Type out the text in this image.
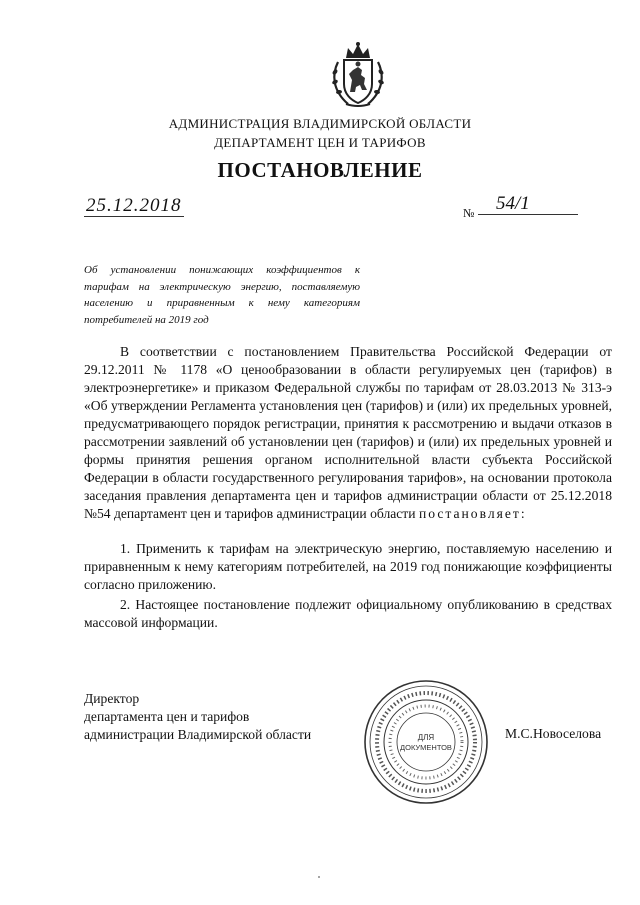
АДМИНИСТРАЦИЯ ВЛАДИМИРСКОЙ ОБЛАСТИ
ДЕПАРТАМЕНТ ЦЕН И ТАРИФОВ
ПОСТАНОВЛЕНИЕ
25.12.2018	№	54/1
Об установлении понижающих коэффициентов к тарифам на электрическую энергию, поставляемую населению и приравненным к нему категориям потребителей на 2019 год
В соответствии с постановлением Правительства Российской Федерации от 29.12.2011 № 1178 «О ценообразовании в области регулируемых цен (тарифов) в электроэнергетике» и приказом Федеральной службы по тарифам от 28.03.2013 № 313-э «Об утверждении Регламента установления цен (тарифов) и (или) их предельных уровней, предусматривающего порядок регистрации, принятия к рассмотрению и выдачи отказов в рассмотрении заявлений об установлении цен (тарифов) и (или) их предельных уровней и формы принятия решения органом исполнительной власти субъекта Российской Федерации в области государственного регулирования тарифов», на основании протокола заседания правления департамента цен и тарифов администрации области от 25.12.2018 №54 департамент цен и тарифов администрации области постановляет:
1. Применить к тарифам на электрическую энергию, поставляемую населению и приравненным к нему категориям потребителей, на 2019 год понижающие коэффициенты согласно приложению.
2. Настоящее постановление подлежит официальному опубликованию в средствах массовой информации.
Директор
департамента цен и тарифов
администрации Владимирской области	М.С.Новоселова
ДЛЯ
ДОКУМЕНТОВ
